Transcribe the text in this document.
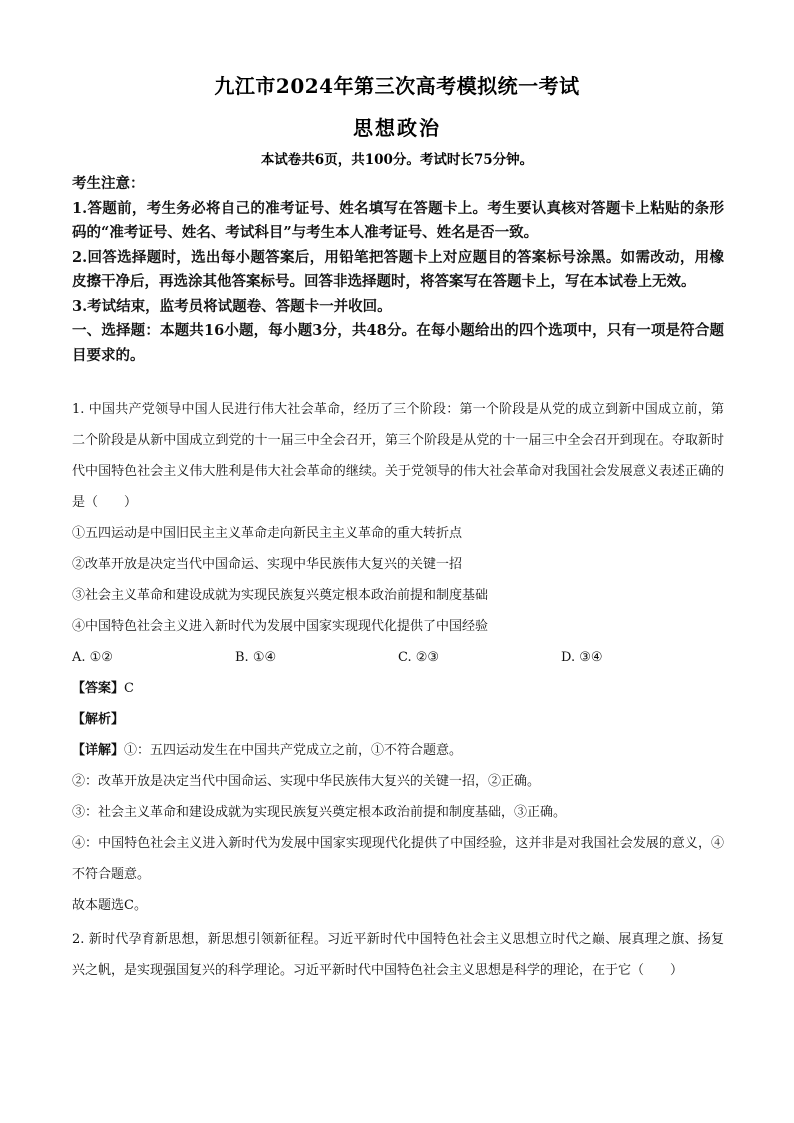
九江市2024年第三次高考模拟统一考试
思想政治
本试卷共6页，共100分。考试时长75分钟。

考生注意：

1.答题前，考生务必将自己的准考证号、姓名填写在答题卡上。考生要认真核对答题卡上粘贴的条形码的“准考证号、姓名、考试科目”与考生本人准考证号、姓名是否一致。

2.回答选择题时，选出每小题答案后，用铅笔把答题卡上对应题目的答案标号涂黑。如需改动，用橡皮擦干净后，再选涂其他答案标号。回答非选择题时，将答案写在答题卡上，写在本试卷上无效。

3.考试结束，监考员将试题卷、答题卡一并收回。

一、选择题：本题共16小题，每小题3分，共48分。在每小题给出的四个选项中，只有一项是符合题目要求的。

1. 中国共产党领导中国人民进行伟大社会革命，经历了三个阶段：第一个阶段是从党的成立到新中国成立前，第二个阶段是从新中国成立到党的十一届三中全会召开，第三个阶段是从党的十一届三中全会召开到现在。夺取新时代中国特色社会主义伟大胜利是伟大社会革命的继续。关于党领导的伟大社会革命对我国社会发展意义表述正确的是（　　）

①五四运动是中国旧民主主义革命走向新民主主义革命的重大转折点

②改革开放是决定当代中国命运、实现中华民族伟大复兴的关键一招

③社会主义革命和建设成就为实现民族复兴奠定根本政治前提和制度基础

④中国特色社会主义进入新时代为发展中国家实现现代化提供了中国经验

A. ①②	B. ①④	C. ②③	D. ③④

【答案】C

【解析】

【详解】①：五四运动发生在中国共产党成立之前，①不符合题意。

②：改革开放是决定当代中国命运、实现中华民族伟大复兴的关键一招，②正确。

③：社会主义革命和建设成就为实现民族复兴奠定根本政治前提和制度基础，③正确。

④：中国特色社会主义进入新时代为发展中国家实现现代化提供了中国经验，这并非是对我国社会发展的意义，④不符合题意。

故本题选C。

2. 新时代孕育新思想，新思想引领新征程。习近平新时代中国特色社会主义思想立时代之巅、展真理之旗、扬复兴之帆，是实现强国复兴的科学理论。习近平新时代中国特色社会主义思想是科学的理论，在于它（　　）
